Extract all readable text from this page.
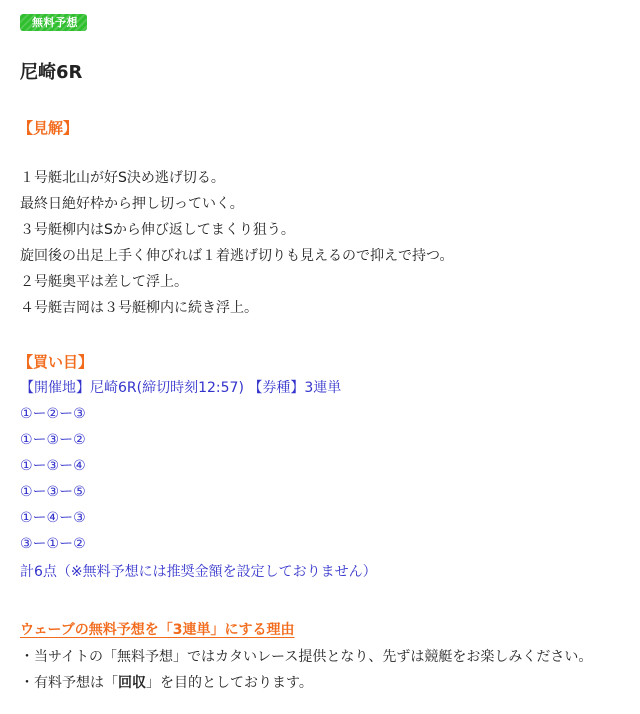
無料予想
尼崎6R
【見解】
１号艇北山が好S決め逃げ切る。
最終日絶好枠から押し切っていく。
３号艇柳内はSから伸び返してまくり狙う。
旋回後の出足上手く伸びれば１着逃げ切りも見えるので抑えで持つ。
２号艇奥平は差して浮上。
４号艇吉岡は３号艇柳内に続き浮上。
【買い目】
【開催地】尼崎6R(締切時刻12:57) 【券種】3連単
①ー②ー③
①ー③ー②
①ー③ー④
①ー③ー⑤
①ー④ー③
③ー①ー②
計6点（※無料予想には推奨金額を設定しておりません）
ウェーブの無料予想を「3連単」にする理由
・当サイトの「無料予想」ではカタいレース提供となり、先ずは競艇をお楽しみください。
・有料予想は「回収」を目的としております。
